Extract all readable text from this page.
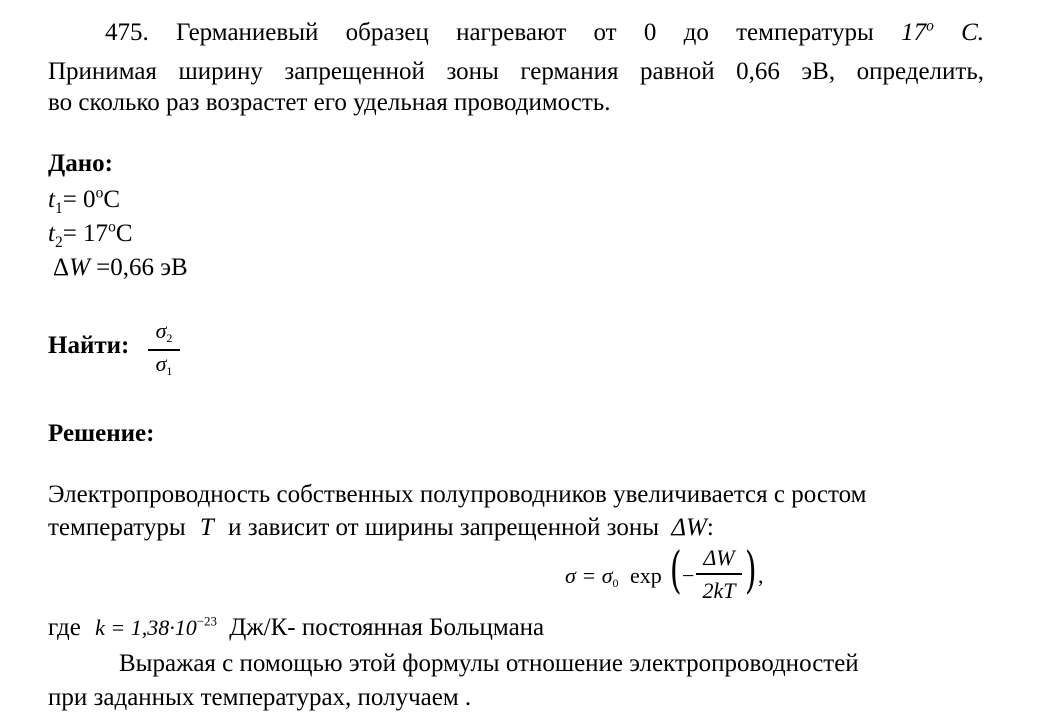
475. Германиевый образец нагревают от 0 до температуры 17$^o$ C.
Принимая ширину запрещенной зоны германия равной 0,66 эВ, определить,
во сколько раз возрастет его удельная проводимость.
Дано:
$t_1= 0^oC$
$t_2= 17^oC$
ΔW =0,66 эВ
Найти:
σ2
σ1
Решение:
Электропроводность собственных полупроводников увеличивается с ростом
температуры T и зависит от ширины запрещенной зоны ΔW:
σ = σ0 exp ( −
ΔW
2kT ) ,
где $k = 1,38\cdot 10^{-23}$ Дж/К- постоянная Больцмана
Выражая с помощью этой формулы отношение электропроводностей
при заданных температурах, получаем .
